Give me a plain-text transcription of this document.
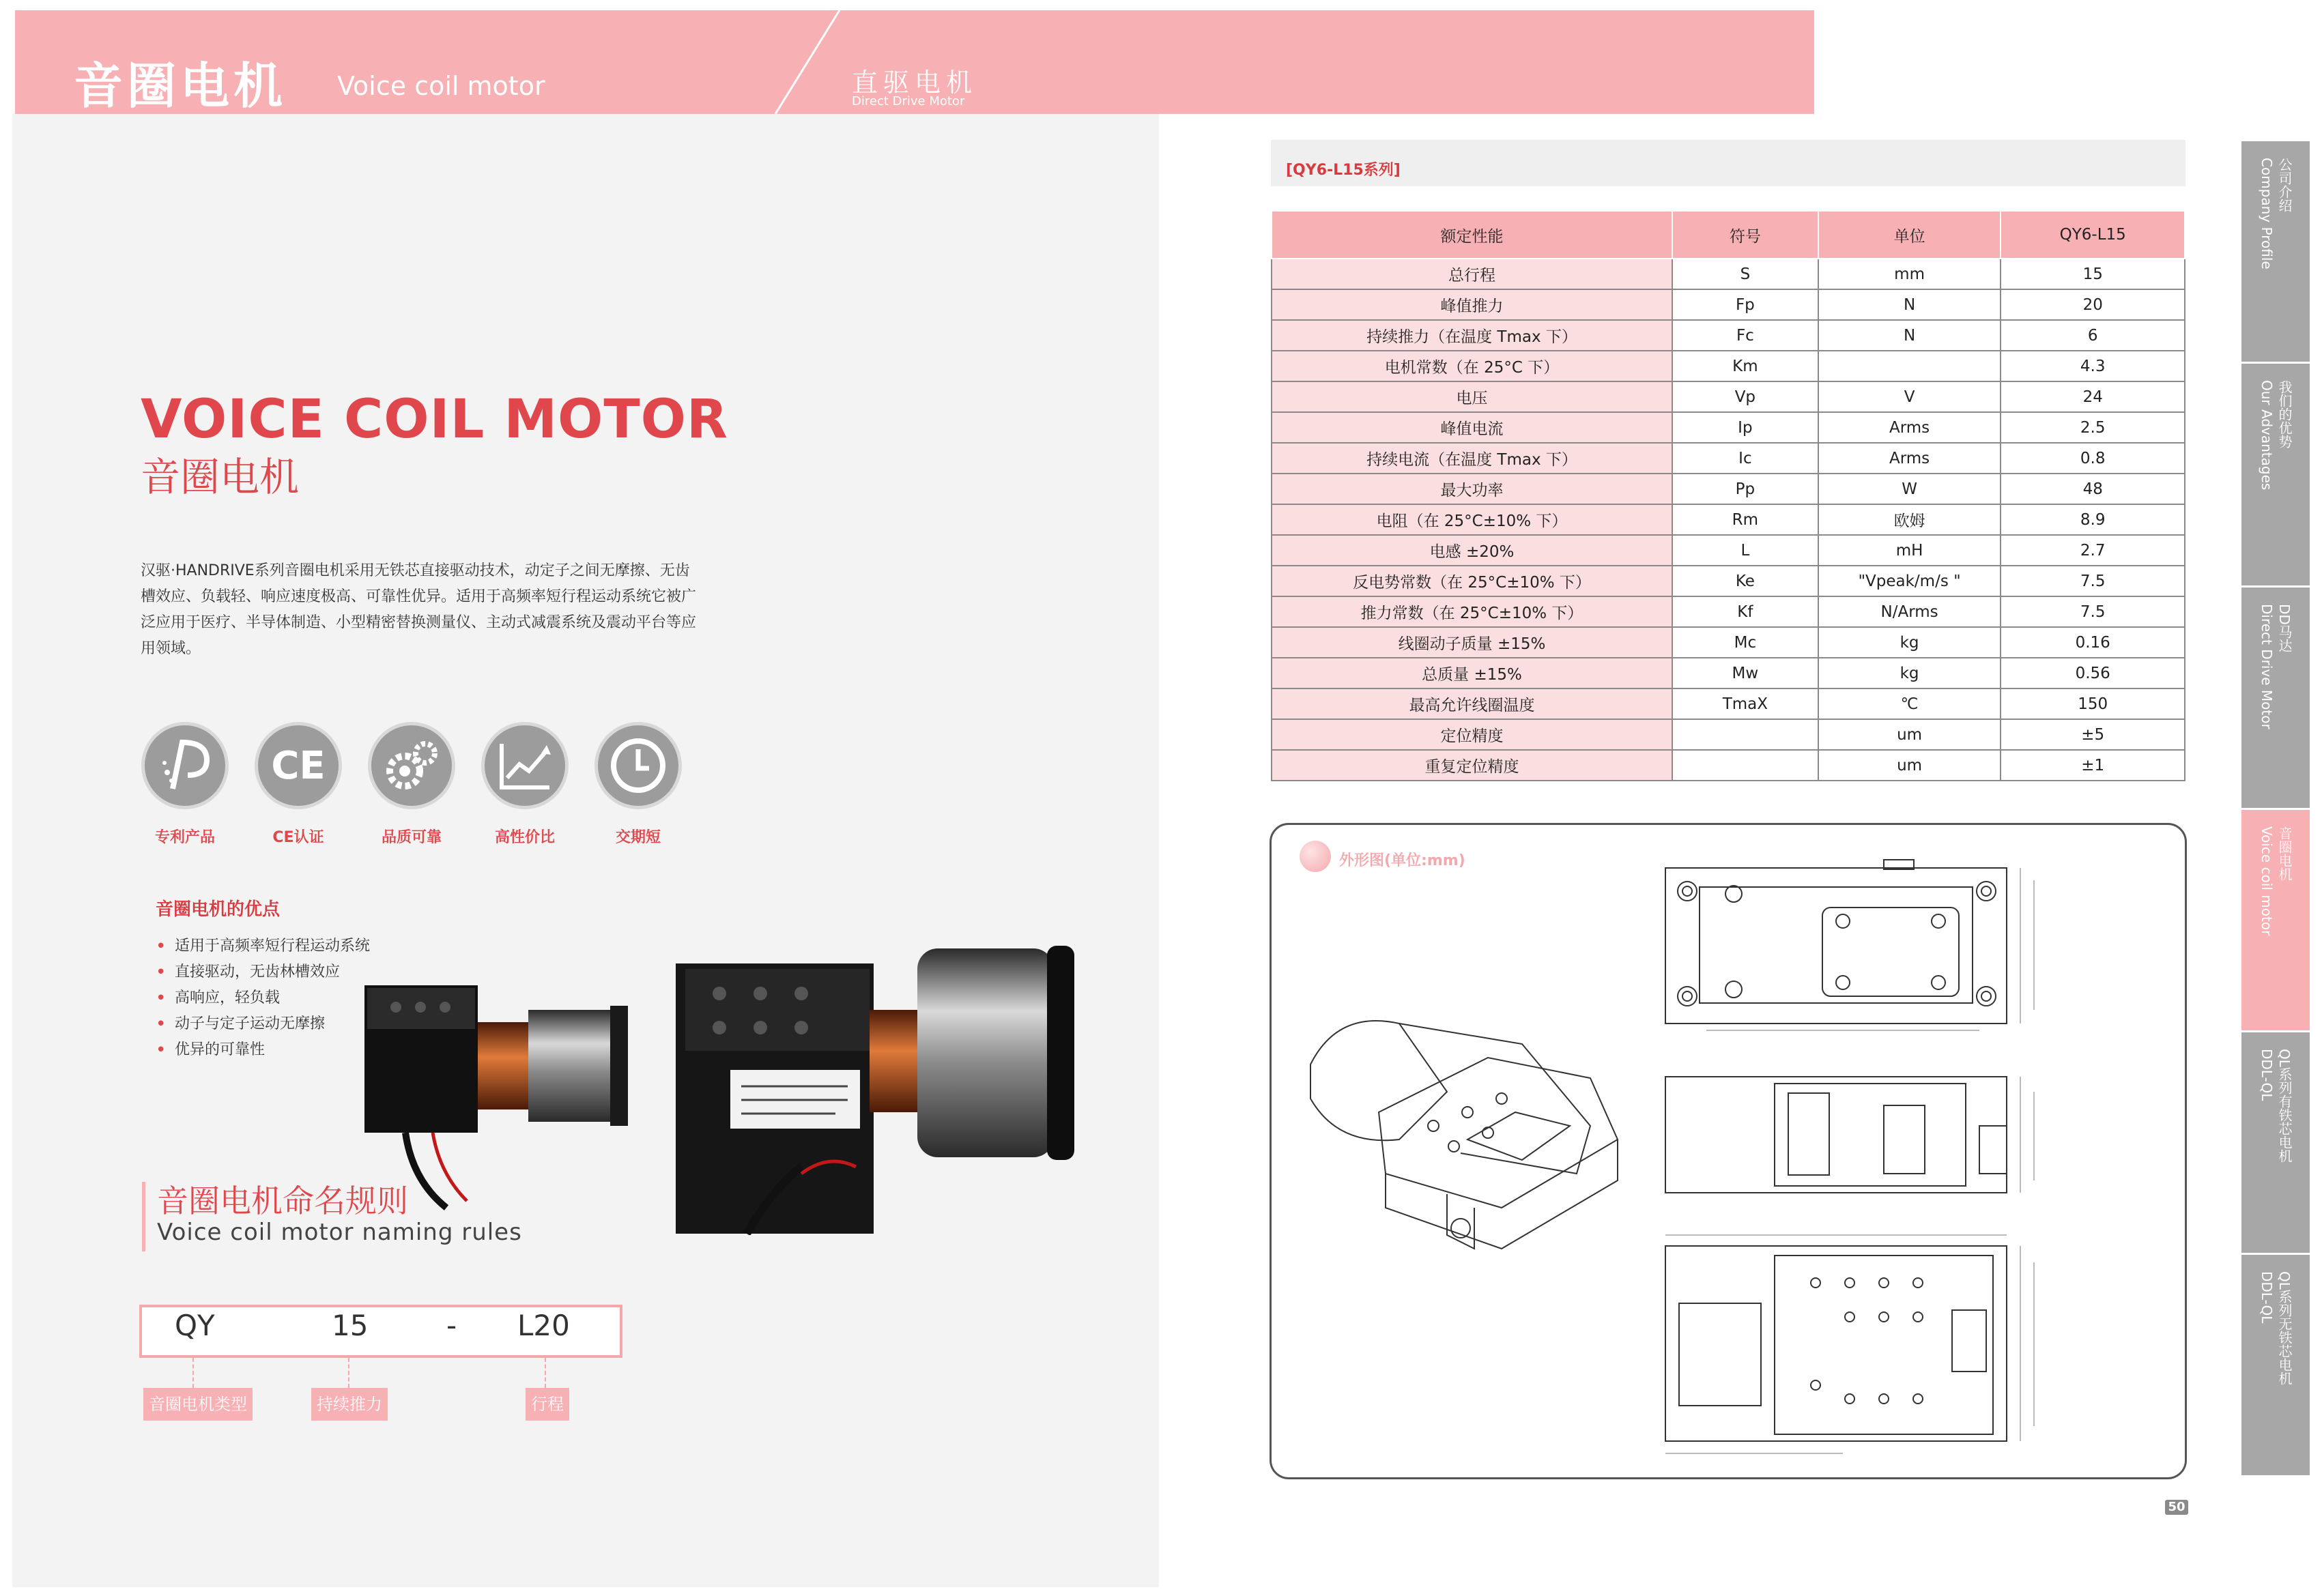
音圈电机 Voice coil motor	直驱电机
Direct Drive Motor
VOICE COIL MOTOR
音圈电机
汉驱·HANDRIVE系列音圈电机采用无铁芯直接驱动技术，动定子之间无摩擦、无齿槽效应、负载轻、响应速度极高、可靠性优异。适用于高频率短行程运动系统它被广泛应用于医疗、半导体制造、小型精密替换测量仪、主动式减震系统及震动平台等应用领域。
专利产品
CE
CE认证	品质可靠	高性价比	交期短
音圈电机的优点
• 适用于高频率短行程运动系统
• 直接驱动，无齿林槽效应
• 高响应，轻负载
• 动子与定子运动无摩擦
• 优异的可靠性
音圈电机命名规则
Voice coil motor naming rules
QY	15	- L20
音圈电机类型	持续推力	行程
[QY6-L15系列]
额定性能	符号	单位	QY6-L15
总行程	S	mm	15
峰值推力	Fp	N	20
持续推力（在温度 Tmax 下）	Fc	N	6
电机常数（在 25°C 下）	Km		4.3
电压	Vp	V	24
峰值电流	Ip	Arms	2.5
持续电流（在温度 Tmax 下）	Ic	Arms	0.8
最大功率	Pp	W	48
电阻（在 25°C±10% 下）	Rm	欧姆	8.9
电感 ±20%	L	mH	2.7
反电势常数（在 25°C±10% 下）	Ke	"Vpeak/m/s "	7.5
推力常数（在 25°C±10% 下）	Kf	N/Arms	7.5
线圈动子质量 ±15%	Mc	kg	0.16
总质量 ±15%	Mw	kg	0.56
最高允许线圈温度	TmaX	℃	150
定位精度		um	±5
重复定位精度		um	±1
外形图(单位:mm)
公司介绍
Company Profile
我们的优势
Our Advantages
DD马达
Direct Drive Motor
音圈电机
Voice coil motor
QL系列有铁芯电机
DDL-QL
QL系列无铁芯电机
DDL-QL
50
